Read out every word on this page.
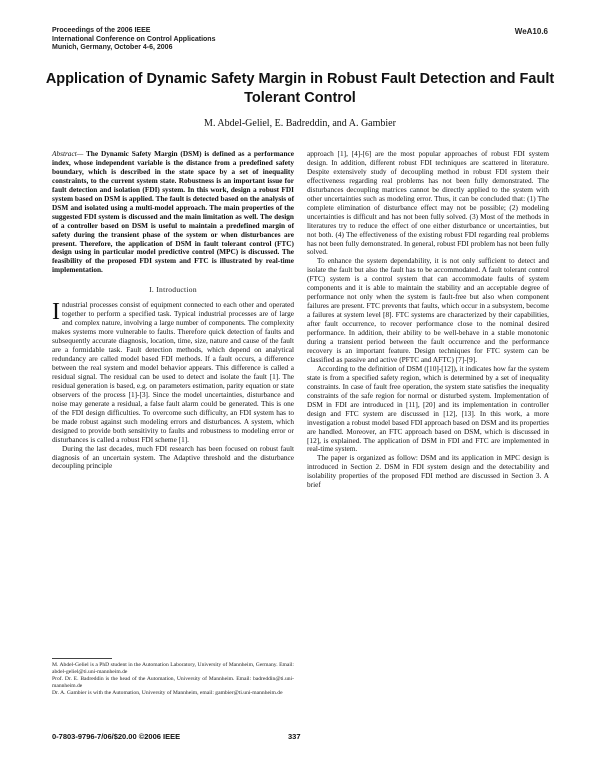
Proceedings of the 2006 IEEE
International Conference on Control Applications
Munich, Germany, October 4-6, 2006
WeA10.6
Application of Dynamic Safety Margin in Robust Fault Detection and Fault Tolerant Control
M. Abdel-Geliel, E. Badreddin, and A. Gambier

Abstract— The Dynamic Safety Margin (DSM) is defined as a performance index, whose independent variable is the distance from a predefined safety boundary, which is described in the state space by a set of inequality constraints, to the current system state. Robustness is an important issue for fault detection and isolation (FDI) system. In this work, design a robust FDI system based on DSM is applied. The fault is detected based on the analysis of DSM and isolated using a multi-model approach. The main properties of the suggested FDI system is discussed and the main limitation as well. The design of a controller based on DSM is useful to maintain a predefined margin of safety during the transient phase of the system or when disturbances are present. Therefore, the application of DSM in fault tolerant control (FTC) design using in particular model predictive control (MPC) is discussed. The feasibility of the proposed FDI system and FTC is illustrated by real-time implementation.

I. Introduction

Industrial processes consist of equipment connected to each other and operated together to perform a specified task. Typical industrial processes are of large and complex nature, involving a large number of components. The complexity makes systems more vulnerable to faults. Therefore quick detection of faults and subsequently accurate diagnosis, location, time, size, nature and cause of the fault are a formidable task. Fault detection methods, which depend on analytical redundancy are called model based FDI methods. If a fault occurs, a difference between the real system and model behavior appears. This difference is called a residual signal. The residual can be used to detect and isolate the fault [1]. The residual generation is based, e.g. on parameters estimation, parity equation or state observers of the process [1]-[3]. Since the model uncertainties, disturbance and noise may generate a residual, a false fault alarm could be generated. This is one of the FDI design difficulties. To overcome such difficulty, an FDI system has to be made robust against such modeling errors and disturbances. A system, which designed to provide both sensitivity to faults and robustness to modeling error or disturbances is called a robust FDI scheme [1].

During the last decades, much FDI research has been focused on robust fault diagnosis of an uncertain system. The Adaptive threshold and the disturbance decoupling principle

approach [1], [4]-[6] are the most popular approaches of robust FDI system design. In addition, different robust FDI techniques are scattered in literature. Despite extensively study of decoupling method in robust FDI system their effectiveness regarding real problems has not been fully demonstrated. The disturbances decoupling matrices cannot be directly applied to the system with other uncertainties such as modeling error. Thus, it can be concluded that: (1) The complete elimination of disturbance effect may not be possible; (2) modeling uncertainties is difficult and has not been fully solved. (3) Most of the methods in literatures try to reduce the effect of one either disturbance or uncertainties, but not both. (4) The effectiveness of the existing robust FDI regarding real problems has not been fully demonstrated. In general, robust FDI problem has not been fully solved.

To enhance the system dependability, it is not only sufficient to detect and isolate the fault but also the fault has to be accommodated. A fault tolerant control (FTC) system is a control system that can accommodate faults of system components and it is able to maintain the stability and an acceptable degree of performance not only when the system is fault-free but also when component failures are present. FTC prevents that faults, which occur in a subsystem, become a failures at system level [8]. FTC systems are characterized by their capabilities, after fault occurrence, to recover performance close to the nominal desired performance. In addition, their ability to be well-behave in a stable monotonic during a transient period between the fault occurrence and the performance recovery is an important feature. Design techniques for FTC system can be classified as passive and active (PFTC and AFTC) [7]-[9].

According to the definition of DSM ([10]-[12]), it indicates how far the system state is from a specified safety region, which is determined by a set of inequality constraints. In case of fault free operation, the system state satisfies the inequality constraints of the safe region for normal or disturbed system. Implementation of DSM in FDI are introduced in [11], [20] and its implementation in controller design and FTC system are discussed in [12], [13]. In this work, a more investigation a robust model based FDI approach based on DSM and its properties are handled. Moreover, an FTC approach based on DSM, which is discussed in [12], is explained. The application of DSM in FDI and FTC are implemented in real-time system.

The paper is organized as follow: DSM and its application in MPC design is introduced in Section 2. DSM in FDI system design and the detectability and isolability properties of the proposed FDI method are discussed in Section 3. A brief

M. Abdel-Geliel is a PhD student in the Automation Laboratory, University of Mannheim, Germany. Email: abdel-geliel@ti.uni-mannheim.de

Prof. Dr. E. Badreddin is the head of the Automation, University of Mannheim. Email: badreddin@ti.uni-mannheim.de

Dr. A. Gambier is with the Automation, University of Mannheim, email: gambier@ti.uni-mannheim.de

0-7803-9796-7/06/$20.00 ©2006 IEEE	337
